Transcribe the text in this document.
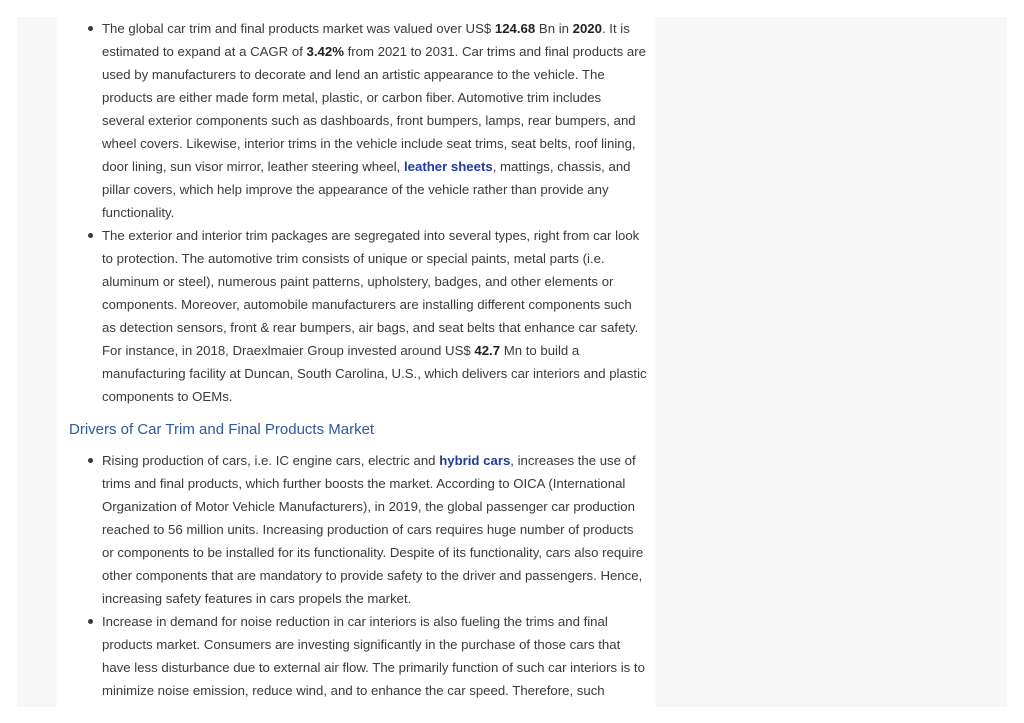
The global car trim and final products market was valued over US$ 124.68 Bn in 2020. It is estimated to expand at a CAGR of 3.42% from 2021 to 2031. Car trims and final products are used by manufacturers to decorate and lend an artistic appearance to the vehicle. The products are either made form metal, plastic, or carbon fiber. Automotive trim includes several exterior components such as dashboards, front bumpers, lamps, rear bumpers, and wheel covers. Likewise, interior trims in the vehicle include seat trims, seat belts, roof lining, door lining, sun visor mirror, leather steering wheel, leather sheets, mattings, chassis, and pillar covers, which help improve the appearance of the vehicle rather than provide any functionality.
The exterior and interior trim packages are segregated into several types, right from car look to protection. The automotive trim consists of unique or special paints, metal parts (i.e. aluminum or steel), numerous paint patterns, upholstery, badges, and other elements or components. Moreover, automobile manufacturers are installing different components such as detection sensors, front & rear bumpers, air bags, and seat belts that enhance car safety. For instance, in 2018, Draexlmaier Group invested around US$ 42.7 Mn to build a manufacturing facility at Duncan, South Carolina, U.S., which delivers car interiors and plastic components to OEMs.
Drivers of Car Trim and Final Products Market
Rising production of cars, i.e. IC engine cars, electric and hybrid cars, increases the use of trims and final products, which further boosts the market. According to OICA (International Organization of Motor Vehicle Manufacturers), in 2019, the global passenger car production reached to 56 million units. Increasing production of cars requires huge number of products or components to be installed for its functionality. Despite of its functionality, cars also require other components that are mandatory to provide safety to the driver and passengers. Hence, increasing safety features in cars propels the market.
Increase in demand for noise reduction in car interiors is also fueling the trims and final products market. Consumers are investing significantly in the purchase of those cars that have less disturbance due to external air flow. The primarily function of such car interiors is to minimize noise emission, reduce wind, and to enhance the car speed. Therefore, such
